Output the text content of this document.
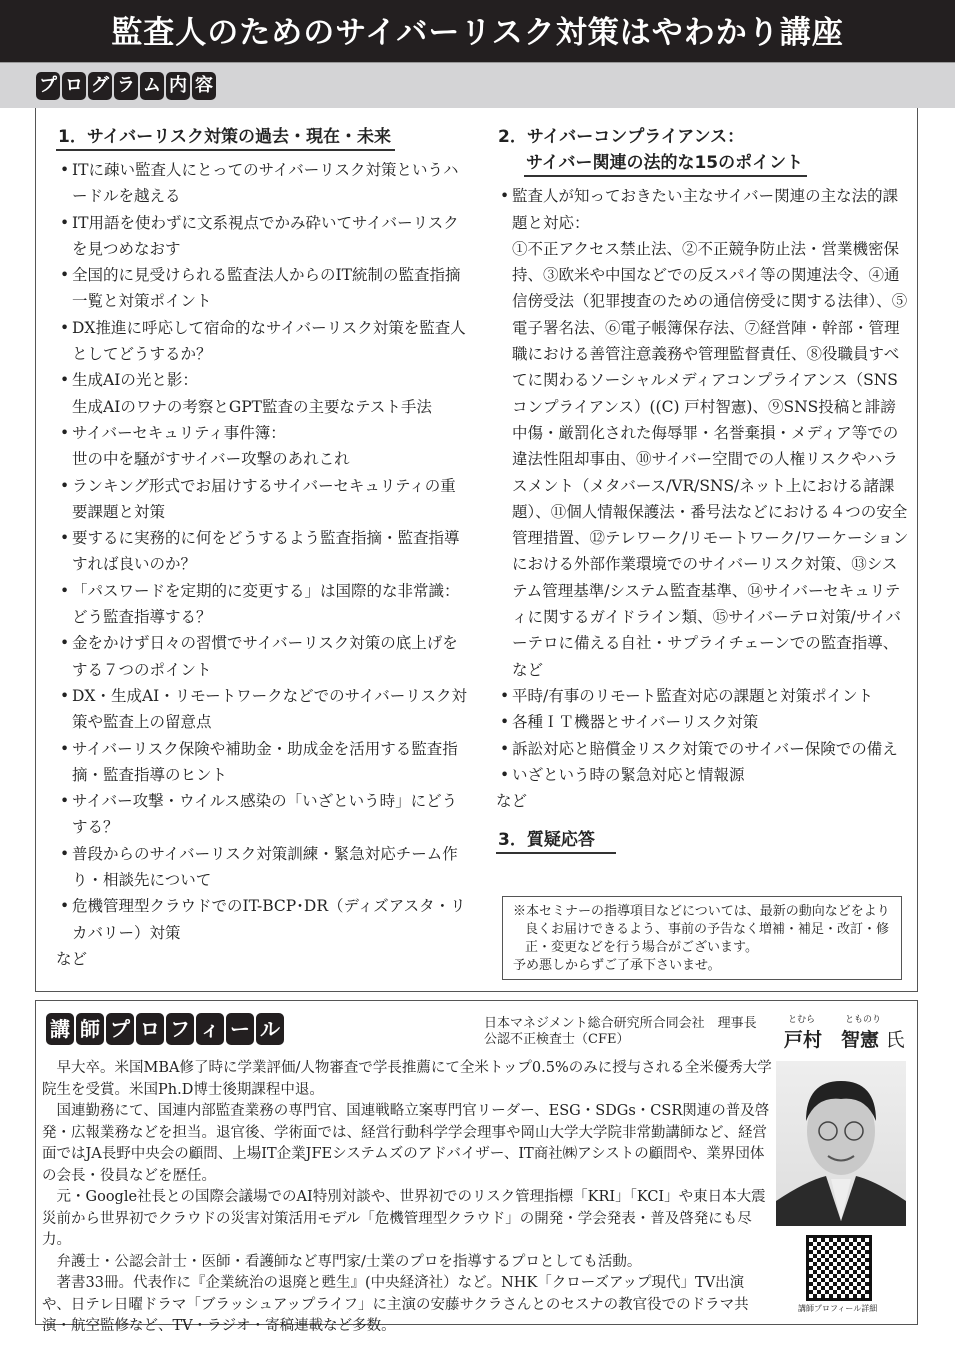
監査人のためのサイバーリスク対策はやわかり講座
プ ロ グ ラ ム 内 容
1．サイバーリスク対策の過去・現在・未来
• ITに疎い監査人にとってのサイバーリスク対策というハードルを越える
• IT用語を使わずに文系視点でかみ砕いてサイバーリスクを見つめなおす
• 全国的に見受けられる監査法人からのIT統制の監査指摘一覧と対策ポイント
• DX推進に呼応して宿命的なサイバーリスク対策を監査人としてどうするか？
• 生成AIの光と影：
生成AIのワナの考察とGPT監査の主要なテスト手法
• サイバーセキュリティ事件簿：
世の中を騒がすサイバー攻撃のあれこれ
• ランキング形式でお届けするサイバーセキュリティの重要課題と対策
• 要するに実務的に何をどうするよう監査指摘・監査指導すれば良いのか？
• 「パスワードを定期的に変更する」は国際的な非常識：どう監査指導する？
• 金をかけず日々の習慣でサイバーリスク対策の底上げをする７つのポイント
• DX・生成AI・リモートワークなどでのサイバーリスク対策や監査上の留意点
• サイバーリスク保険や補助金・助成金を活用する監査指摘・監査指導のヒント
• サイバー攻撃・ウイルス感染の「いざという時」にどうする？
• 普段からのサイバーリスク対策訓練・緊急対応チーム作り・相談先について
• 危機管理型クラウドでのIT-BCP･DR（ディズアスタ・リカバリー）対策
など
2．サイバーコンプライアンス：
サイバー関連の法的な15のポイント
• 監査人が知っておきたい主なサイバー関連の主な法的課題と対応：
①不正アクセス禁止法、②不正競争防止法・営業機密保持、③欧米や中国などでの反スパイ等の関連法令、④通信傍受法（犯罪捜査のための通信傍受に関する法律）、⑤電子署名法、⑥電子帳簿保存法、⑦経営陣・幹部・管理職における善管注意義務や管理監督責任、⑧役職員すべてに関わるソーシャルメディアコンプライアンス（SNSコンプライアンス）((C) 戸村智憲)、⑨SNS投稿と誹謗中傷・厳罰化された侮辱罪・名誉棄損・メディア等での違法性阻却事由、⑩サイバー空間での人権リスクやハラスメント（メタバース/VR/SNS/ネット上における諸課題）、⑪個人情報保護法・番号法などにおける４つの安全管理措置、⑫テレワーク/リモートワーク/ワーケーションにおける外部作業環境でのサイバーリスク対策、⑬システム管理基準/システム監査基準、⑭サイバーセキュリティに関するガイドライン類、⑮サイバーテロ対策/サイバーテロに備える自社・サプライチェーンでの監査指導、など
• 平時/有事のリモート監査対応の課題と対策ポイント
• 各種ＩＴ機器とサイバーリスク対策
• 訴訟対応と賠償金リスク対策でのサイバー保険での備え
• いざという時の緊急対応と情報源
など
3．質疑応答

※本セミナーの指導項目などについては、最新の動向などをより良くお届けできるよう、事前の予告なく増補・補足・改訂・修正・変更などを行う場合がございます。

予め悪しからずご了承下さいませ。

講 師 プ ロ フ ィ ー ル	日本マネジメント総合研究所合同会社　理事長
公認不正検査士（CFE）
とむら	とものり
戸村　智憲 氏

早大卒。米国MBA修了時に学業評価/人物審査で学長推薦にて全米トップ0.5%のみに授与される全米優秀大学院生を受賞。米国Ph.D博士後期課程中退。

国連勤務にて、国連内部監査業務の専門官、国連戦略立案専門官リーダー、ESG・SDGs・CSR関連の普及啓発・広報業務などを担当。退官後、学術面では、経営行動科学学会理事や岡山大学大学院非常勤講師など、経営面ではJA長野中央会の顧問、上場IT企業JFEシステムズのアドバイザー、IT商社㈱アシストの顧問や、業界団体の会長・役員などを歴任。

元・Google社長との国際会議場でのAI特別対談や、世界初でのリスク管理指標「KRI」「KCI」や東日本大震災前から世界初でクラウドの災害対策活用モデル「危機管理型クラウド」の開発・学会発表・普及啓発にも尽力。

弁護士・公認会計士・医師・看護師など専門家/士業のプロを指導するプロとしても活動。

著書33冊。代表作に『企業統治の退廃と甦生』(中央経済社）など。NHK「クローズアップ現代」TV出演や、日テレ日曜ドラマ「ブラッシュアップライフ」に主演の安藤サクラさんとのセスナの教官役でのドラマ共演・航空監修など、TV・ラジオ・寄稿連載など多数。

講師プロフィール詳細
